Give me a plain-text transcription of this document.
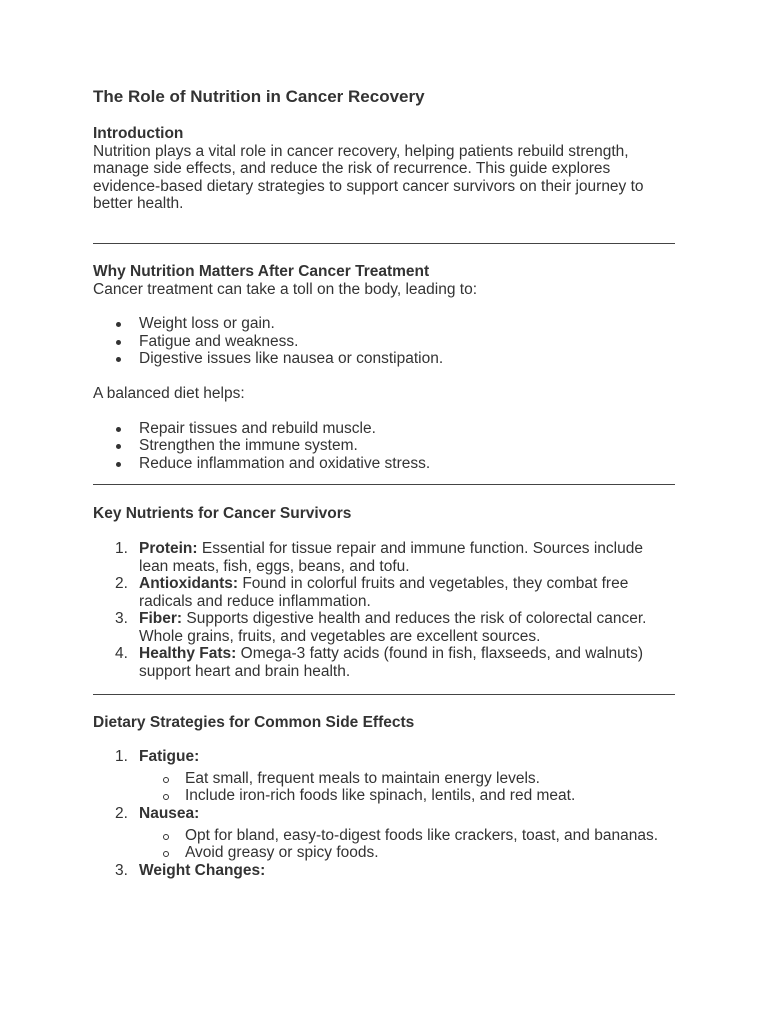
The Role of Nutrition in Cancer Recovery

Introduction

Nutrition plays a vital role in cancer recovery, helping patients rebuild strength, manage side effects, and reduce the risk of recurrence. This guide explores evidence-based dietary strategies to support cancer survivors on their journey to better health.

Why Nutrition Matters After Cancer Treatment

Cancer treatment can take a toll on the body, leading to:

Weight loss or gain.
Fatigue and weakness.
Digestive issues like nausea or constipation.

A balanced diet helps:

Repair tissues and rebuild muscle.
Strengthen the immune system.
Reduce inflammation and oxidative stress.

Key Nutrients for Cancer Survivors

1. Protein: Essential for tissue repair and immune function. Sources include lean meats, fish, eggs, beans, and tofu.
2. Antioxidants: Found in colorful fruits and vegetables, they combat free radicals and reduce inflammation.
3. Fiber: Supports digestive health and reduces the risk of colorectal cancer. Whole grains, fruits, and vegetables are excellent sources.
4. Healthy Fats: Omega-3 fatty acids (found in fish, flaxseeds, and walnuts) support heart and brain health.

Dietary Strategies for Common Side Effects

1. Fatigue:
Eat small, frequent meals to maintain energy levels.
Include iron-rich foods like spinach, lentils, and red meat.
2. Nausea:
Opt for bland, easy-to-digest foods like crackers, toast, and bananas.
Avoid greasy or spicy foods.
3. Weight Changes:
